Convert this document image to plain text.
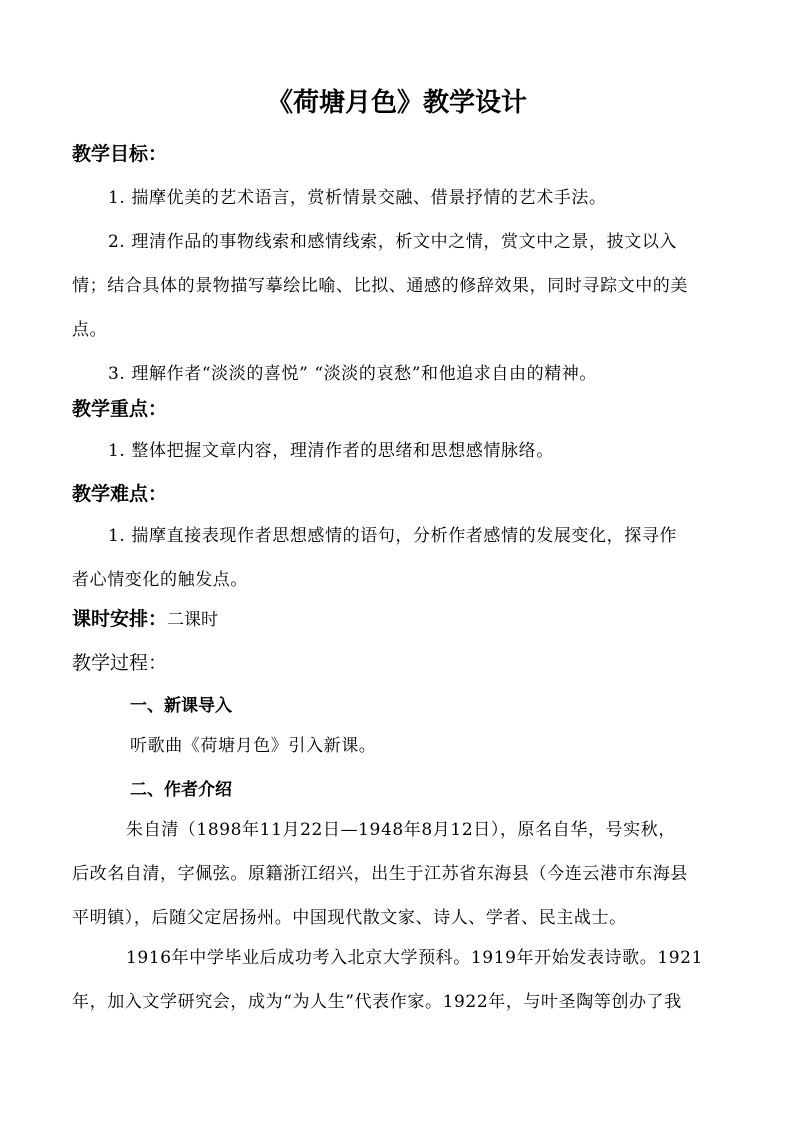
《荷塘月色》教学设计
教学目标：
1. 揣摩优美的艺术语言，赏析情景交融、借景抒情的艺术手法。
2. 理清作品的事物线索和感情线索，析文中之情，赏文中之景，披文以入
情；结合具体的景物描写摹绘比喻、比拟、通感的修辞效果，同时寻踪文中的美
点。
3. 理解作者“淡淡的喜悦” “淡淡的哀愁”和他追求自由的精神。
教学重点：
1. 整体把握文章内容，理清作者的思绪和思想感情脉络。
教学难点：
1. 揣摩直接表现作者思想感情的语句，分析作者感情的发展变化，探寻作
者心情变化的触发点。
课时安排：二课时
教学过程：
一、新课导入
听歌曲《荷塘月色》引入新课。
二、作者介绍
朱自清（1898年11月22日—1948年8月12日），原名自华，号实秋，
后改名自清，字佩弦。原籍浙江绍兴，出生于江苏省东海县（今连云港市东海县
平明镇），后随父定居扬州。中国现代散文家、诗人、学者、民主战士。
1916年中学毕业后成功考入北京大学预科。1919年开始发表诗歌。1921
年，加入文学研究会，成为“为人生”代表作家。1922年，与叶圣陶等创办了我
